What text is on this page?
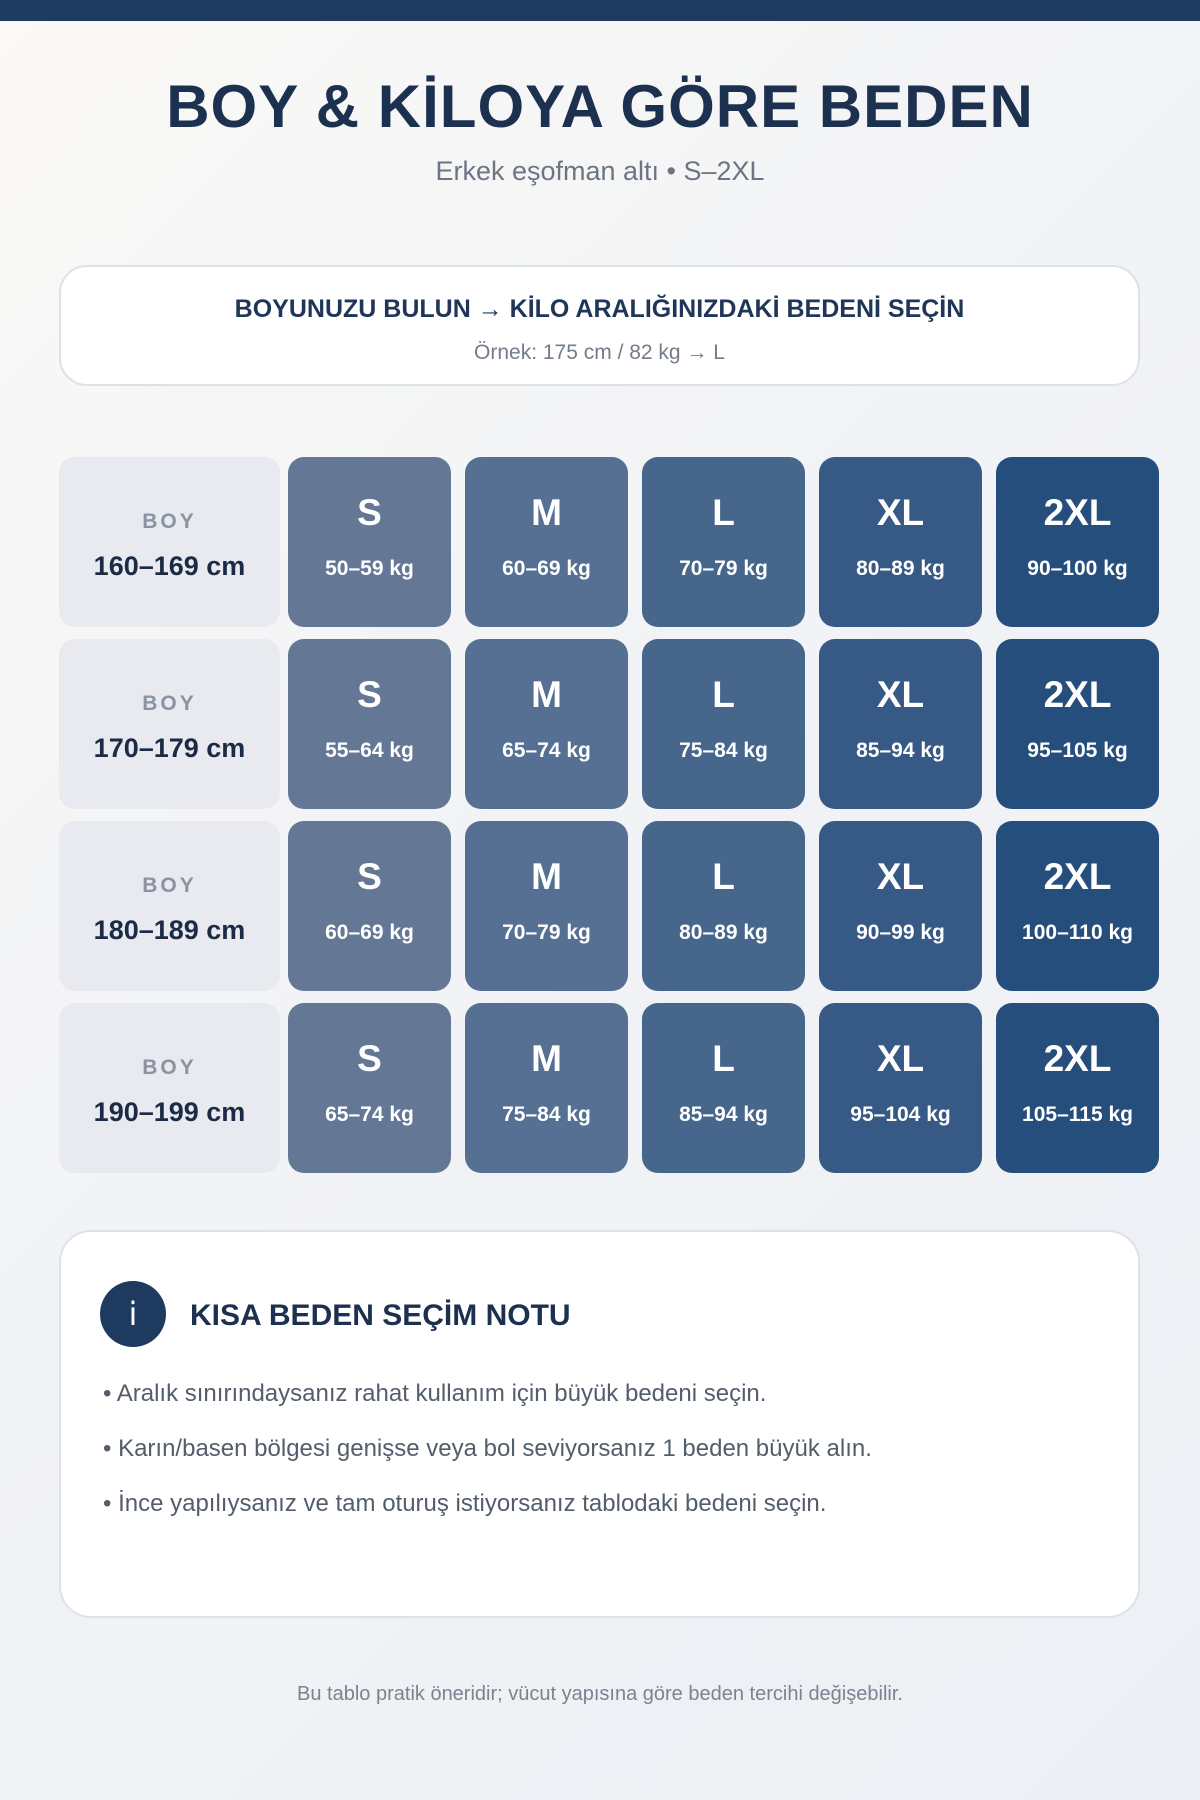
BOY & KİLOYA GÖRE BEDEN
Erkek eşofman altı • S–2XL
BOYUNUZU BULUN → KİLO ARALIĞINIZDAKİ BEDENİ SEÇİN
Örnek: 175 cm / 82 kg → L
BOY
160–169 cm
S
50–59 kg
M
60–69 kg
L
70–79 kg
XL
80–89 kg
2XL
90–100 kg
BOY
170–179 cm
S
55–64 kg
M
65–74 kg
L
75–84 kg
XL
85–94 kg
2XL
95–105 kg
BOY
180–189 cm
S
60–69 kg
M
70–79 kg
L
80–89 kg
XL
90–99 kg
2XL
100–110 kg
BOY
190–199 cm
S
65–74 kg
M
75–84 kg
L
85–94 kg
XL
95–104 kg
2XL
105–115 kg
i	KISA BEDEN SEÇİM NOTU
• Aralık sınırındaysanız rahat kullanım için büyük bedeni seçin.
• Karın/basen bölgesi genişse veya bol seviyorsanız 1 beden büyük alın.
• İnce yapılıysanız ve tam oturuş istiyorsanız tablodaki bedeni seçin.
Bu tablo pratik öneridir; vücut yapısına göre beden tercihi değişebilir.
